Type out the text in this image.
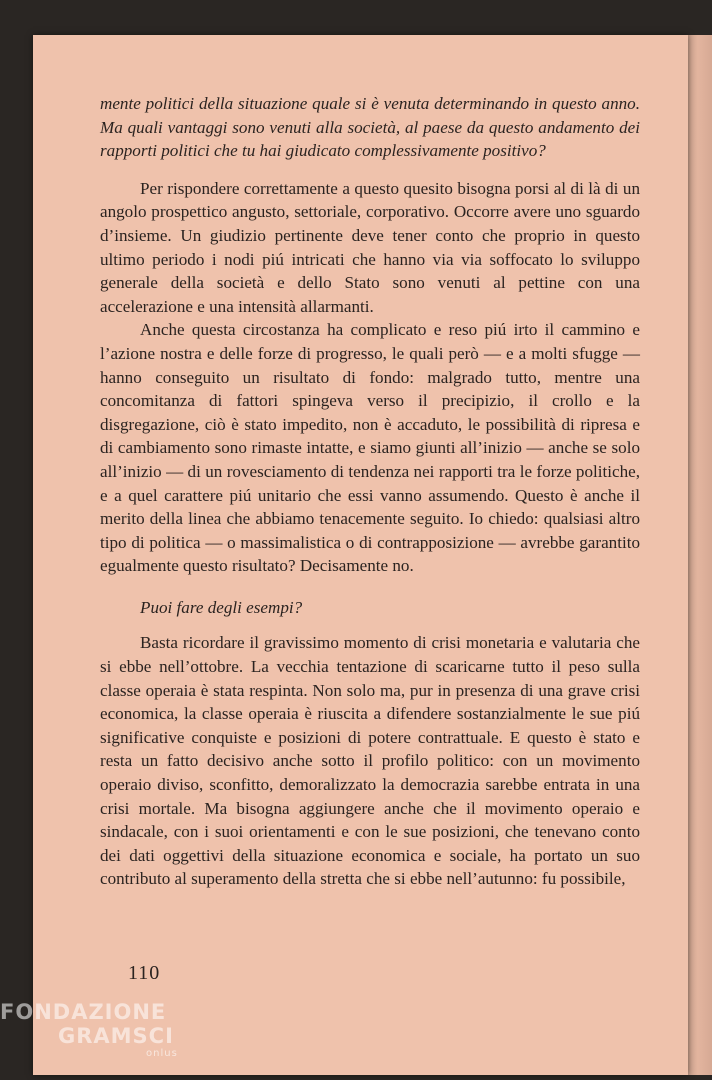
mente politici della situazione quale si è venuta determinando in questo anno. Ma quali vantaggi sono venuti alla società, al paese da questo andamento dei rapporti politici che tu hai giudicato complessivamente positivo?

Per rispondere correttamente a questo quesito bisogna porsi al di là di un angolo prospettico angusto, settoriale, corporativo. Occorre avere uno sguardo d’insieme. Un giudizio pertinente deve tener conto che proprio in questo ultimo periodo i nodi piú intricati che hanno via via soffocato lo sviluppo generale della società e dello Stato sono venuti al pettine con una accelerazione e una intensità allarmanti.

Anche questa circostanza ha complicato e reso piú irto il cammino e l’azione nostra e delle forze di progresso, le quali però — e a molti sfugge — hanno conseguito un risultato di fondo: malgrado tutto, mentre una concomitanza di fattori spingeva verso il precipizio, il crollo e la disgregazione, ciò è stato impedito, non è accaduto, le possibilità di ripresa e di cambiamento sono rimaste intatte, e siamo giunti all’inizio — anche se solo all’inizio — di un rovesciamento di tendenza nei rapporti tra le forze politiche, e a quel carattere piú unitario che essi vanno assumendo. Questo è anche il merito della linea che abbiamo tenacemente seguito. Io chiedo: qualsiasi altro tipo di politica — o massimalistica o di contrapposizione — avrebbe garantito egualmente questo risultato? Decisamente no.

Puoi fare degli esempi?

Basta ricordare il gravissimo momento di crisi monetaria e valutaria che si ebbe nell’ottobre. La vecchia tentazione di scaricarne tutto il peso sulla classe operaia è stata respinta. Non solo ma, pur in presenza di una grave crisi economica, la classe operaia è riuscita a difendere sostanzialmente le sue piú significative conquiste e posizioni di potere contrattuale. E questo è stato e resta un fatto decisivo anche sotto il profilo politico: con un movimento operaio diviso, sconfitto, demoralizzato la democrazia sarebbe entrata in una crisi mortale. Ma bisogna aggiungere anche che il movimento operaio e sindacale, con i suoi orientamenti e con le sue posizioni, che tenevano conto dei dati oggettivi della situazione economica e sociale, ha portato un suo contributo al superamento della stretta che si ebbe nell’autunno: fu possibile,

110
FONDAZIONE
GRAMSCI
onlus
